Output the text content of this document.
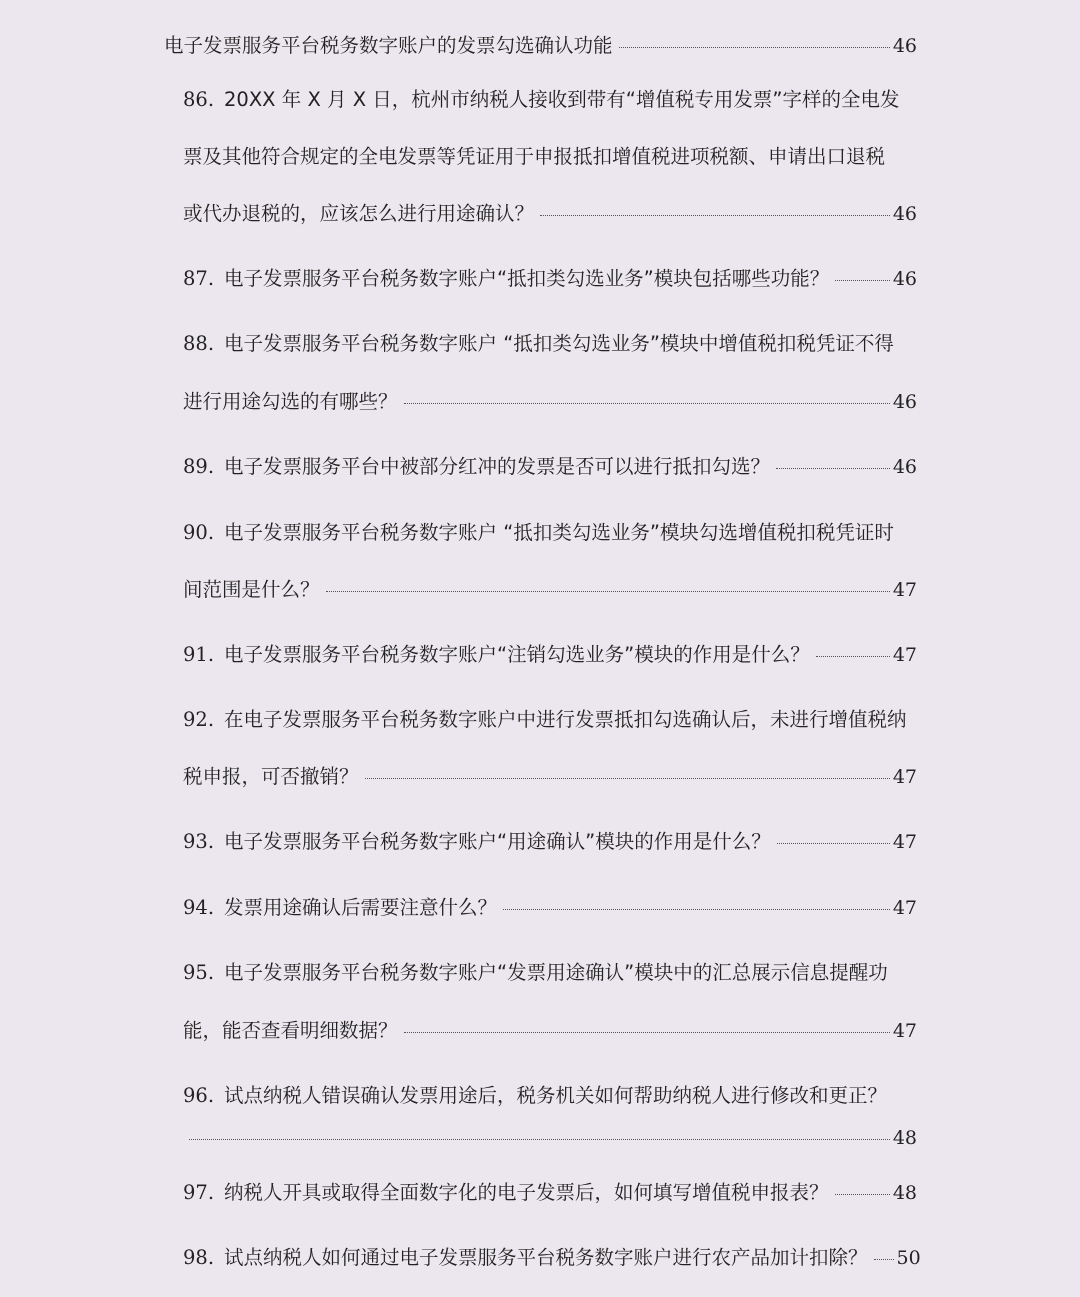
电子发票服务平台税务数字账户的发票勾选确认功能	46
86. 20XX 年 X 月 X 日，杭州市纳税人接收到带有“增值税专用发票”字样的全电发
票及其他符合规定的全电发票等凭证用于申报抵扣增值税进项税额、申请出口退税
或代办退税的，应该怎么进行用途确认？	46
87. 电子发票服务平台税务数字账户“抵扣类勾选业务”模块包括哪些功能？	46
88. 电子发票服务平台税务数字账户 “抵扣类勾选业务”模块中增值税扣税凭证不得
进行用途勾选的有哪些？	46
89. 电子发票服务平台中被部分红冲的发票是否可以进行抵扣勾选？	46
90. 电子发票服务平台税务数字账户 “抵扣类勾选业务”模块勾选增值税扣税凭证时
间范围是什么？	47
91. 电子发票服务平台税务数字账户“注销勾选业务”模块的作用是什么？	47
92. 在电子发票服务平台税务数字账户中进行发票抵扣勾选确认后，未进行增值税纳
税申报，可否撤销？	47
93. 电子发票服务平台税务数字账户“用途确认”模块的作用是什么？	47
94. 发票用途确认后需要注意什么？	47
95. 电子发票服务平台税务数字账户“发票用途确认”模块中的汇总展示信息提醒功
能，能否查看明细数据？	47
96. 试点纳税人错误确认发票用途后，税务机关如何帮助纳税人进行修改和更正？
48
97. 纳税人开具或取得全面数字化的电子发票后，如何填写增值税申报表？	48
98. 试点纳税人如何通过电子发票服务平台税务数字账户进行农产品加计扣除？ 50
